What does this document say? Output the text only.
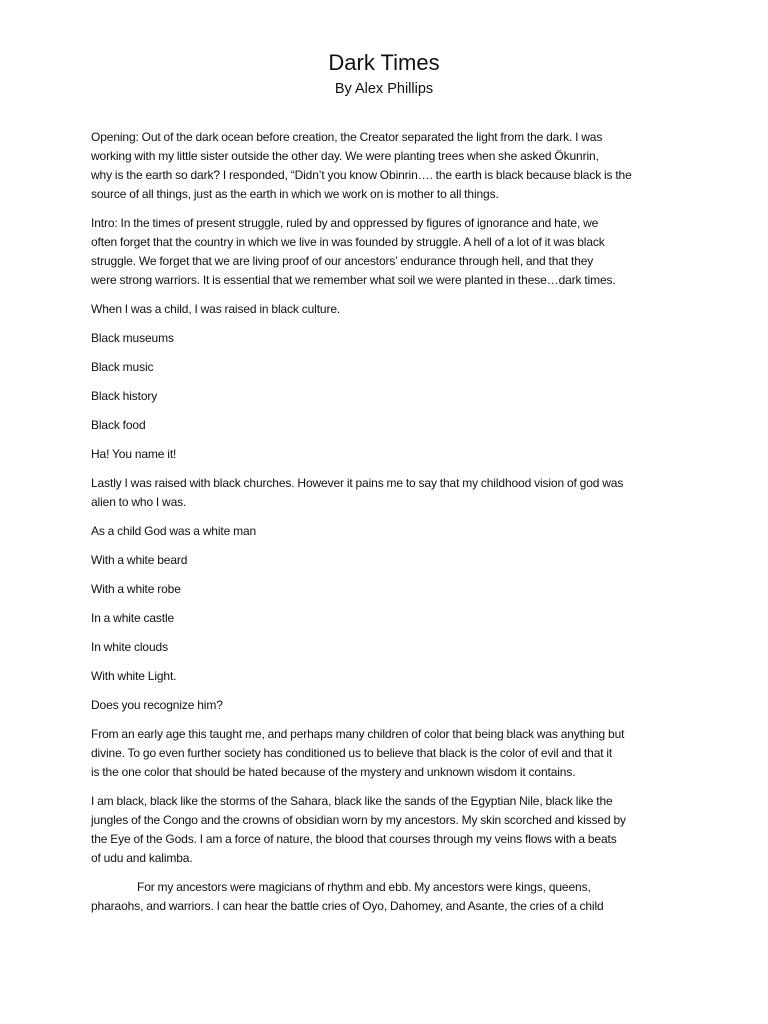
Dark Times
By Alex Phillips

Opening: Out of the dark ocean before creation, the Creator separated the light from the dark. I was
working with my little sister outside the other day. We were planting trees when she asked Ökunrin,
why is the earth so dark? I responded, “Didn’t you know Obinrin…. the earth is black because black is the
source of all things, just as the earth in which we work on is mother to all things.

Intro: In the times of present struggle, ruled by and oppressed by figures of ignorance and hate, we
often forget that the country in which we live in was founded by struggle. A hell of a lot of it was black
struggle. We forget that we are living proof of our ancestors’ endurance through hell, and that they
were strong warriors. It is essential that we remember what soil we were planted in these…dark times.

When I was a child, I was raised in black culture.

Black museums

Black music

Black history

Black food

Ha! You name it!

Lastly I was raised with black churches. However it pains me to say that my childhood vision of god was
alien to who I was.

As a child God was a white man

With a white beard

With a white robe

In a white castle

In white clouds

With white Light.

Does you recognize him?

From an early age this taught me, and perhaps many children of color that being black was anything but
divine. To go even further society has conditioned us to believe that black is the color of evil and that it
is the one color that should be hated because of the mystery and unknown wisdom it contains.

I am black, black like the storms of the Sahara, black like the sands of the Egyptian Nile, black like the
jungles of the Congo and the crowns of obsidian worn by my ancestors. My skin scorched and kissed by
the Eye of the Gods. I am a force of nature, the blood that courses through my veins flows with a beats
of udu and kalimba.

For my ancestors were magicians of rhythm and ebb. My ancestors were kings, queens,
pharaohs, and warriors. I can hear the battle cries of Oyo, Dahomey, and Asante, the cries of a child
